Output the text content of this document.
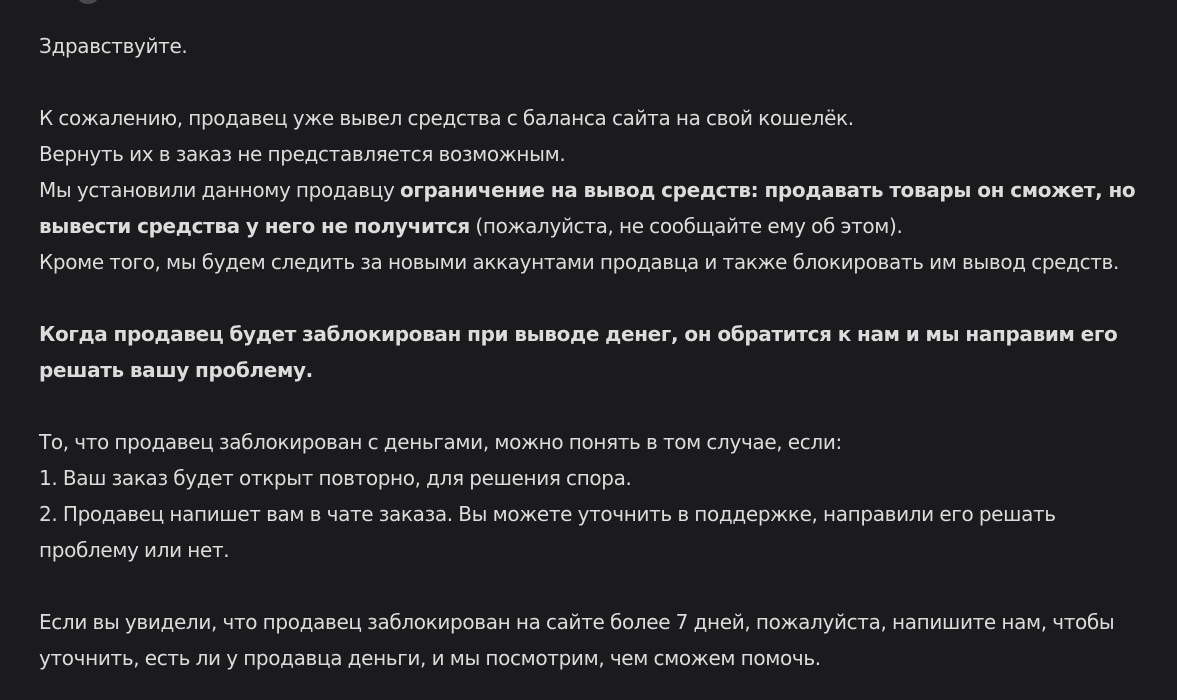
Здравствуйте.

К сожалению, продавец уже вывел средства с баланса сайта на свой кошелёк.

Вернуть их в заказ не представляется возможным.

Мы установили данному продавцу ограничение на вывод средств: продавать товары он сможет, но

вывести средства у него не получится (пожалуйста, не сообщайте ему об этом).

Кроме того, мы будем следить за новыми аккаунтами продавца и также блокировать им вывод средств.

Когда продавец будет заблокирован при выводе денег, он обратится к нам и мы направим его

решать вашу проблему.

То, что продавец заблокирован с деньгами, можно понять в том случае, если:

1. Ваш заказ будет открыт повторно, для решения спора.

2. Продавец напишет вам в чате заказа. Вы можете уточнить в поддержке, направили его решать

проблему или нет.

Если вы увидели, что продавец заблокирован на сайте более 7 дней, пожалуйста, напишите нам, чтобы

уточнить, есть ли у продавца деньги, и мы посмотрим, чем сможем помочь.
